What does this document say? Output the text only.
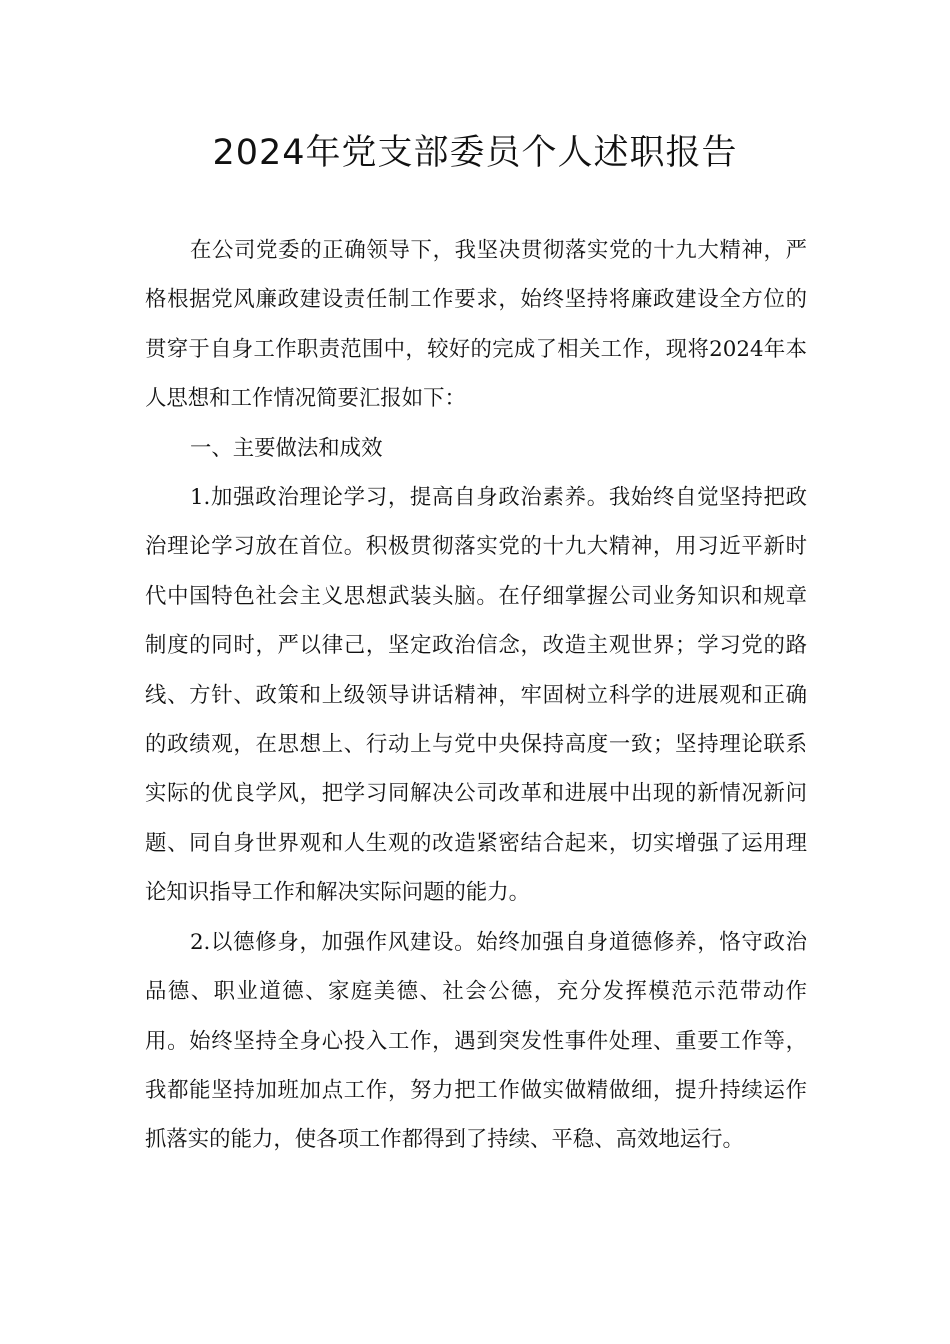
2024年党支部委员个人述职报告

在公司党委的正确领导下，我坚决贯彻落实党的十九大精神，严格根据党风廉政建设责任制工作要求，始终坚持将廉政建设全方位的贯穿于自身工作职责范围中，较好的完成了相关工作，现将2024年本人思想和工作情况简要汇报如下：

一、主要做法和成效

1.加强政治理论学习，提高自身政治素养。我始终自觉坚持把政治理论学习放在首位。积极贯彻落实党的十九大精神，用习近平新时代中国特色社会主义思想武装头脑。在仔细掌握公司业务知识和规章制度的同时，严以律己，坚定政治信念，改造主观世界；学习党的路线、方针、政策和上级领导讲话精神，牢固树立科学的进展观和正确的政绩观，在思想上、行动上与党中央保持高度一致；坚持理论联系实际的优良学风，把学习同解决公司改革和进展中出现的新情况新问题、同自身世界观和人生观的改造紧密结合起来，切实增强了运用理论知识指导工作和解决实际问题的能力。

2.以德修身，加强作风建设。始终加强自身道德修养，恪守政治品德、职业道德、家庭美德、社会公德，充分发挥模范示范带动作用。始终坚持全身心投入工作，遇到突发性事件处理、重要工作等，我都能坚持加班加点工作，努力把工作做实做精做细，提升持续运作抓落实的能力，使各项工作都得到了持续、平稳、高效地运行。
